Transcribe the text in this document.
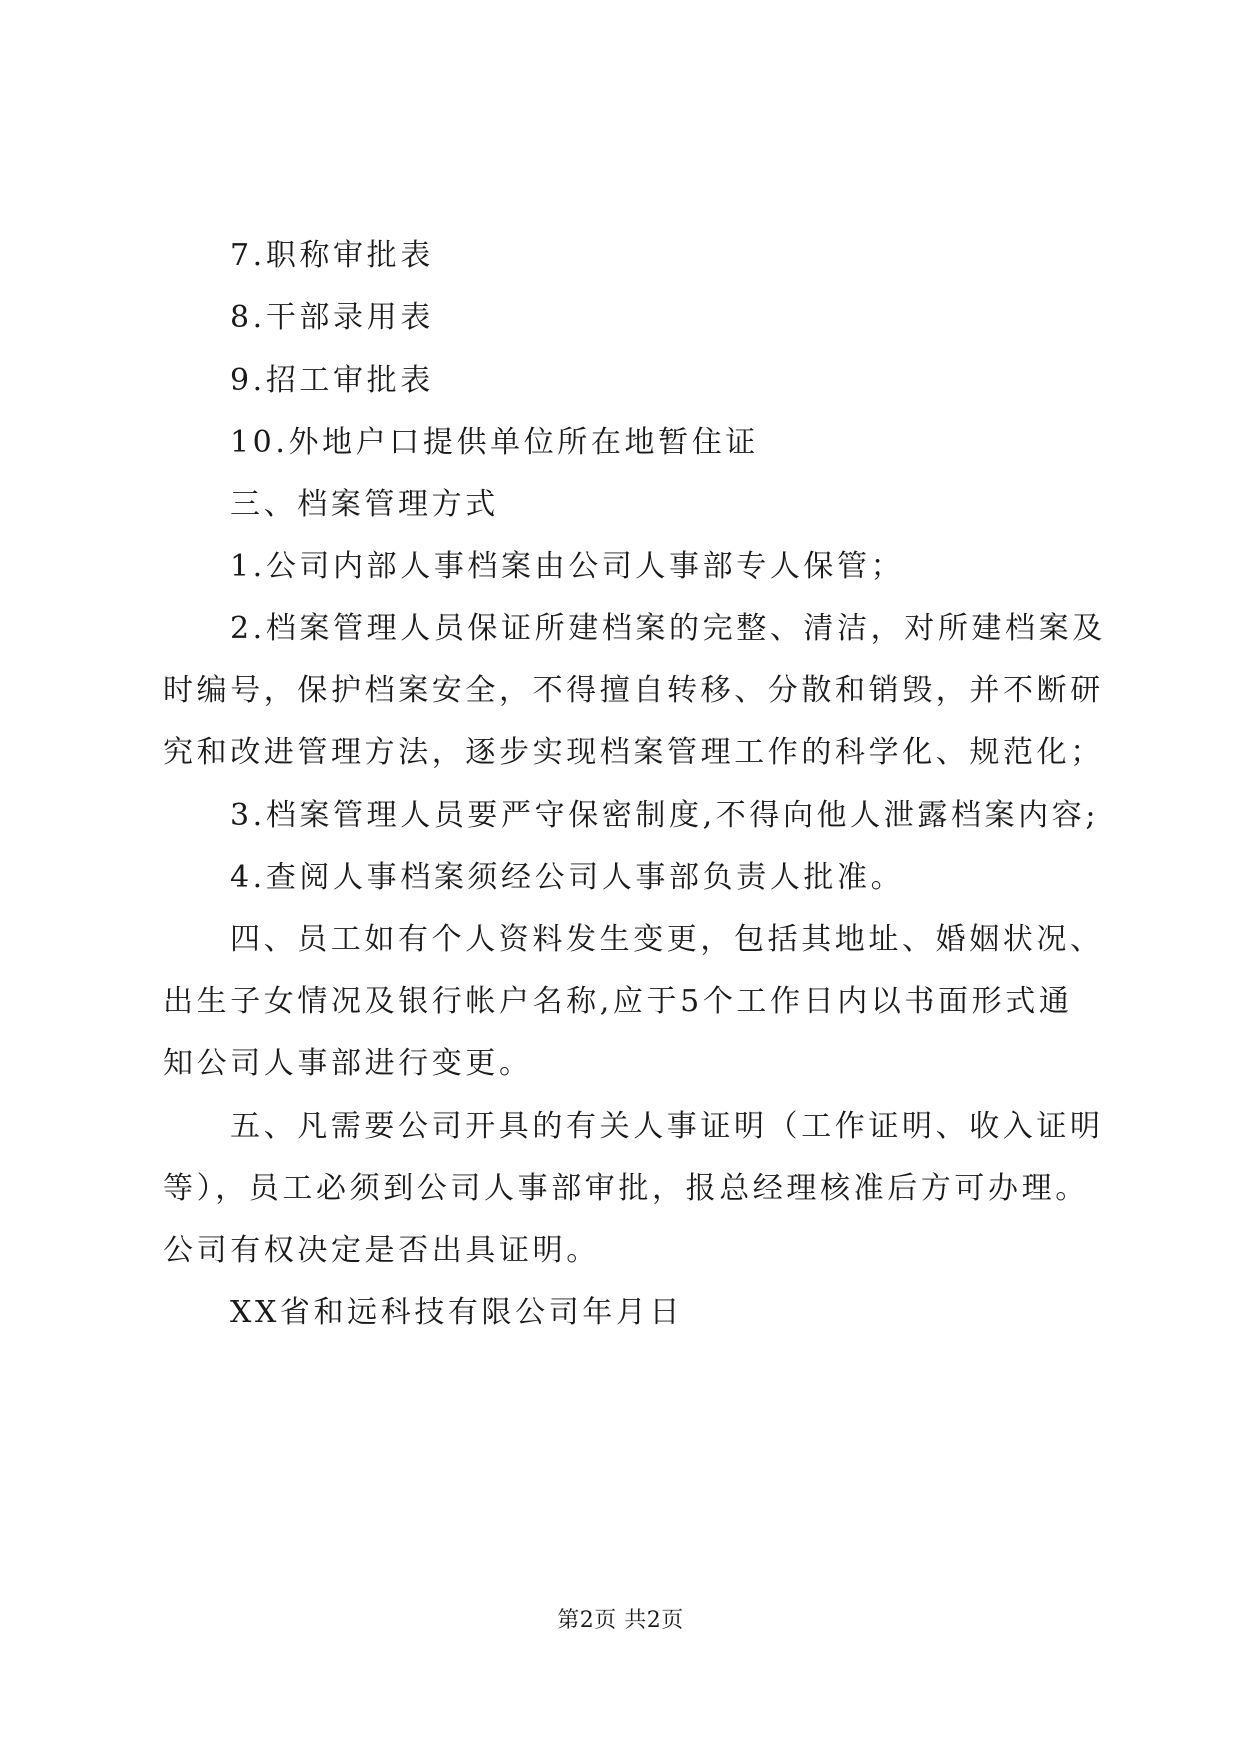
7.职称审批表
8.干部录用表
9.招工审批表
10.外地户口提供单位所在地暂住证
三、档案管理方式
1.公司内部人事档案由公司人事部专人保管；
2.档案管理人员保证所建档案的完整、清洁，对所建档案及
时编号，保护档案安全，不得擅自转移、分散和销毁，并不断研
究和改进管理方法，逐步实现档案管理工作的科学化、规范化；
3.档案管理人员要严守保密制度,不得向他人泄露档案内容;
4.查阅人事档案须经公司人事部负责人批准。
四、员工如有个人资料发生变更，包括其地址、婚姻状况、
出生子女情况及银行帐户名称,应于5个工作日内以书面形式通
知公司人事部进行变更。
五、凡需要公司开具的有关人事证明（工作证明、收入证明
等），员工必须到公司人事部审批，报总经理核准后方可办理。
公司有权决定是否出具证明。
XX省和远科技有限公司年月日
第2页 共2页
